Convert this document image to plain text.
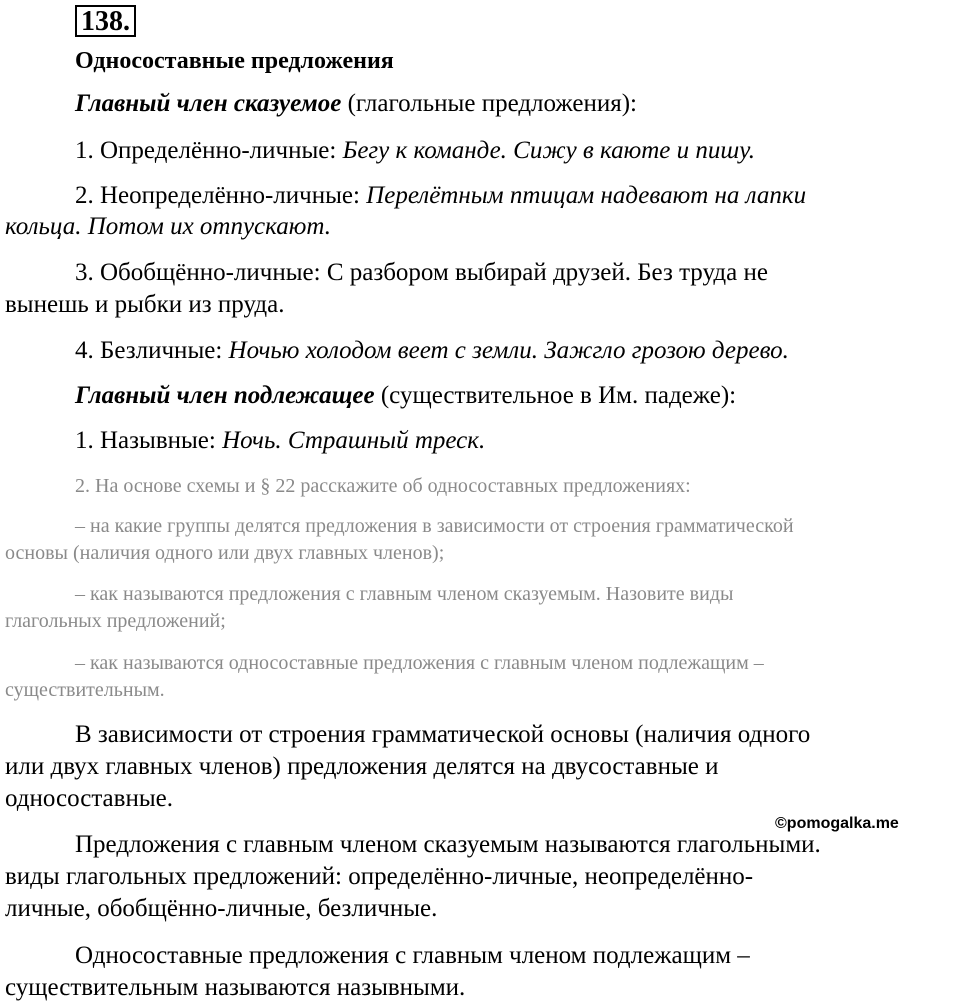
138.
Односоставные предложения
Главный член сказуемое (глагольные предложения):
1. Определённо-личные: Бегу к команде. Сижу в каюте и пишу.
2. Неопределённо-личные: Перелётным птицам надевают на лапки
кольца. Потом их отпускают.
3. Обобщённо-личные: С разбором выбирай друзей. Без труда не
вынешь и рыбки из пруда.
4. Безличные: Ночью холодом веет с земли. Зажгло грозою дерево.
Главный член подлежащее (существительное в Им. падеже):
1. Назывные: Ночь. Страшный треск.
2. На основе схемы и § 22 расскажите об односоставных предложениях:
– на какие группы делятся предложения в зависимости от строения грамматической
основы (наличия одного или двух главных членов);
– как называются предложения с главным членом сказуемым. Назовите виды
глагольных предложений;
– как называются односоставные предложения с главным членом подлежащим –
существительным.
В зависимости от строения грамматической основы (наличия одного
или двух главных членов) предложения делятся на двусоставные и
односоставные.
©pomogalka.me
Предложения с главным членом сказуемым называются глагольными.
виды глагольных предложений: определённо-личные, неопределённо-
личные, обобщённо-личные, безличные.
Односоставные предложения с главным членом подлежащим –
существительным называются назывными.
